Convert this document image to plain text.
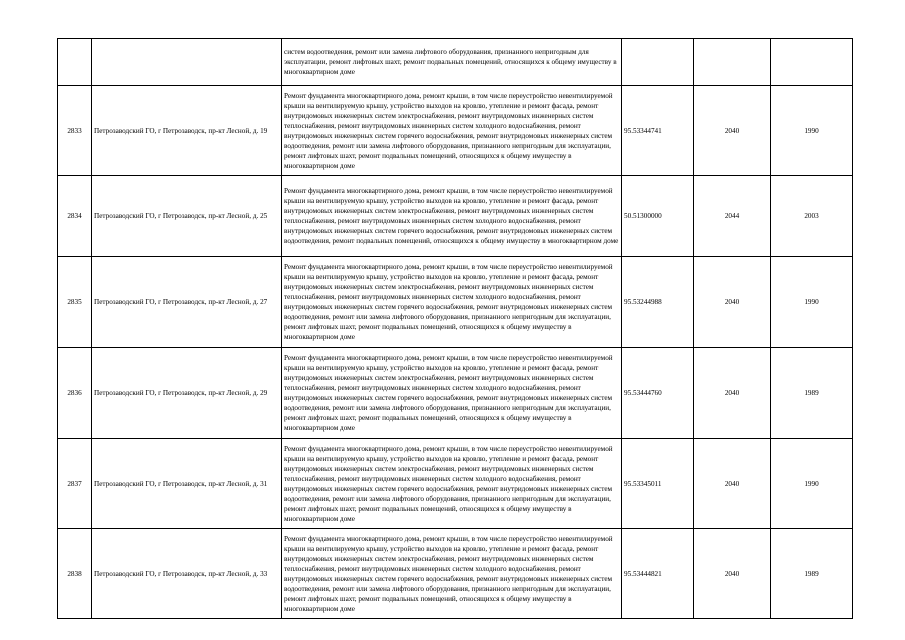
		систем водоотведения, ремонт или замена лифтового оборудования, признанного непригодным для эксплуатации, ремонт лифтовых шахт, ремонт подвальных помещений, относящихся к общему имуществу в многоквартирном доме			

2833	Петрозаводский ГО, г Петрозаводск, пр-кт Лесной, д. 19	Ремонт фундамента многоквартирного дома, ремонт крыши, в том числе переустройство невентилируемой крыши на вентилируемую крышу, устройство выходов на кровлю, утепление и ремонт фасада, ремонт внутридомовых инженерных систем электроснабжения, ремонт внутридомовых инженерных систем теплоснабжения, ремонт внутридомовых инженерных систем холодного водоснабжения, ремонт внутридомовых инженерных систем горячего водоснабжения, ремонт внутридомовых инженерных систем водоотведения, ремонт или замена лифтового оборудования, признанного непригодным для эксплуатации, ремонт лифтовых шахт, ремонт подвальных помещений, относящихся к общему имуществу в многоквартирном доме	95.53344741	2040	1990
2834	Петрозаводский ГО, г Петрозаводск, пр-кт Лесной, д. 25	Ремонт фундамента многоквартирного дома, ремонт крыши, в том числе переустройство невентилируемой крыши на вентилируемую крышу, устройство выходов на кровлю, утепление и ремонт фасада, ремонт внутридомовых инженерных систем электроснабжения, ремонт внутридомовых инженерных систем теплоснабжения, ремонт внутридомовых инженерных систем холодного водоснабжения, ремонт внутридомовых инженерных систем горячего водоснабжения, ремонт внутридомовых инженерных систем водоотведения, ремонт подвальных помещений, относящихся к общему имуществу в многоквартирном доме	50.51300000	2044	2003
2835	Петрозаводский ГО, г Петрозаводск, пр-кт Лесной, д. 27	Ремонт фундамента многоквартирного дома, ремонт крыши, в том числе переустройство невентилируемой крыши на вентилируемую крышу, устройство выходов на кровлю, утепление и ремонт фасада, ремонт внутридомовых инженерных систем электроснабжения, ремонт внутридомовых инженерных систем теплоснабжения, ремонт внутридомовых инженерных систем холодного водоснабжения, ремонт внутридомовых инженерных систем горячего водоснабжения, ремонт внутридомовых инженерных систем водоотведения, ремонт или замена лифтового оборудования, признанного непригодным для эксплуатации, ремонт лифтовых шахт, ремонт подвальных помещений, относящихся к общему имуществу в многоквартирном доме	95.53244988	2040	1990
2836	Петрозаводский ГО, г Петрозаводск, пр-кт Лесной, д. 29	Ремонт фундамента многоквартирного дома, ремонт крыши, в том числе переустройство невентилируемой крыши на вентилируемую крышу, устройство выходов на кровлю, утепление и ремонт фасада, ремонт внутридомовых инженерных систем электроснабжения, ремонт внутридомовых инженерных систем теплоснабжения, ремонт внутридомовых инженерных систем холодного водоснабжения, ремонт внутридомовых инженерных систем горячего водоснабжения, ремонт внутридомовых инженерных систем водоотведения, ремонт или замена лифтового оборудования, признанного непригодным для эксплуатации, ремонт лифтовых шахт, ремонт подвальных помещений, относящихся к общему имуществу в многоквартирном доме	95.53444760	2040	1989
2837	Петрозаводский ГО, г Петрозаводск, пр-кт Лесной, д. 31	Ремонт фундамента многоквартирного дома, ремонт крыши, в том числе переустройство невентилируемой крыши на вентилируемую крышу, устройство выходов на кровлю, утепление и ремонт фасада, ремонт внутридомовых инженерных систем электроснабжения, ремонт внутридомовых инженерных систем теплоснабжения, ремонт внутридомовых инженерных систем холодного водоснабжения, ремонт внутридомовых инженерных систем горячего водоснабжения, ремонт внутридомовых инженерных систем водоотведения, ремонт или замена лифтового оборудования, признанного непригодным для эксплуатации, ремонт лифтовых шахт, ремонт подвальных помещений, относящихся к общему имуществу в многоквартирном доме	95.53345011	2040	1990
2838	Петрозаводский ГО, г Петрозаводск, пр-кт Лесной, д. 33	Ремонт фундамента многоквартирного дома, ремонт крыши, в том числе переустройство невентилируемой крыши на вентилируемую крышу, устройство выходов на кровлю, утепление и ремонт фасада, ремонт внутридомовых инженерных систем электроснабжения, ремонт внутридомовых инженерных систем теплоснабжения, ремонт внутридомовых инженерных систем холодного водоснабжения, ремонт внутридомовых инженерных систем горячего водоснабжения, ремонт внутридомовых инженерных систем водоотведения, ремонт или замена лифтового оборудования, признанного непригодным для эксплуатации, ремонт лифтовых шахт, ремонт подвальных помещений, относящихся к общему имуществу в многоквартирном доме	95.53444821	2040	1989
